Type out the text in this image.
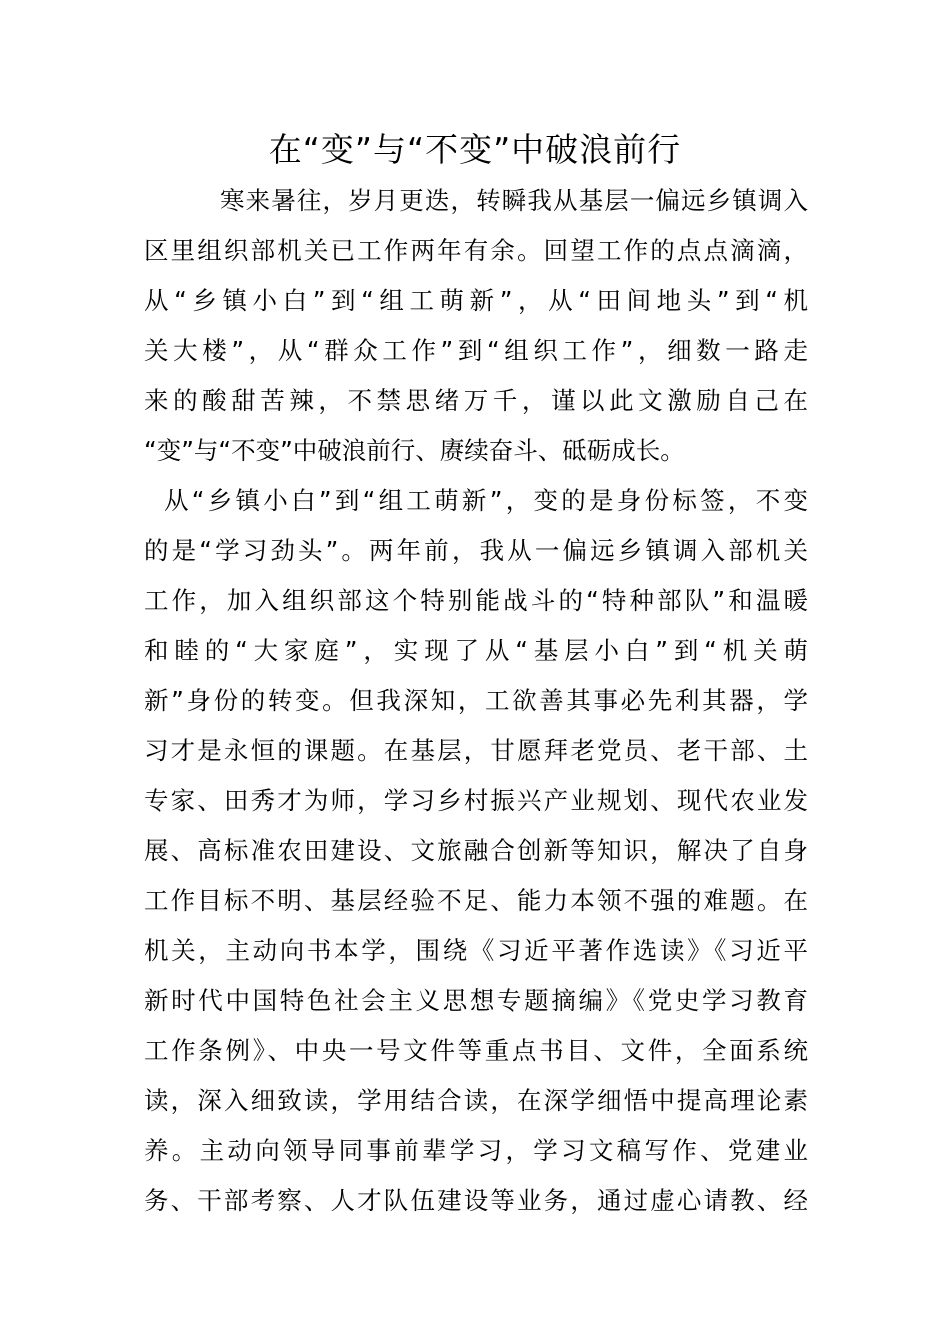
在“变”与“不变”中破浪前行
寒来暑往，岁月更迭，转瞬我从基层一偏远乡镇调入
区里组织部机关已工作两年有余。回望工作的点点滴滴，
从“乡镇小白”到“组工萌新”，从“田间地头”到“机
关大楼”，从“群众工作”到“组织工作”，细数一路走
来的酸甜苦辣，不禁思绪万千，谨以此文激励自己在
“变”与“不变”中破浪前行、赓续奋斗、砥砺成长。
从“乡镇小白”到“组工萌新”，变的是身份标签，不变
的是“学习劲头”。两年前，我从一偏远乡镇调入部机关
工作，加入组织部这个特别能战斗的“特种部队”和温暖
和睦的“大家庭”，实现了从“基层小白”到“机关萌
新”身份的转变。但我深知，工欲善其事必先利其器，学
习才是永恒的课题。在基层，甘愿拜老党员、老干部、土
专家、田秀才为师，学习乡村振兴产业规划、现代农业发
展、高标准农田建设、文旅融合创新等知识，解决了自身
工作目标不明、基层经验不足、能力本领不强的难题。在
机关，主动向书本学，围绕《习近平著作选读》《习近平
新时代中国特色社会主义思想专题摘编》《党史学习教育
工作条例》、中央一号文件等重点书目、文件，全面系统
读，深入细致读，学用结合读，在深学细悟中提高理论素
养。主动向领导同事前辈学习，学习文稿写作、党建业
务、干部考察、人才队伍建设等业务，通过虚心请教、经
